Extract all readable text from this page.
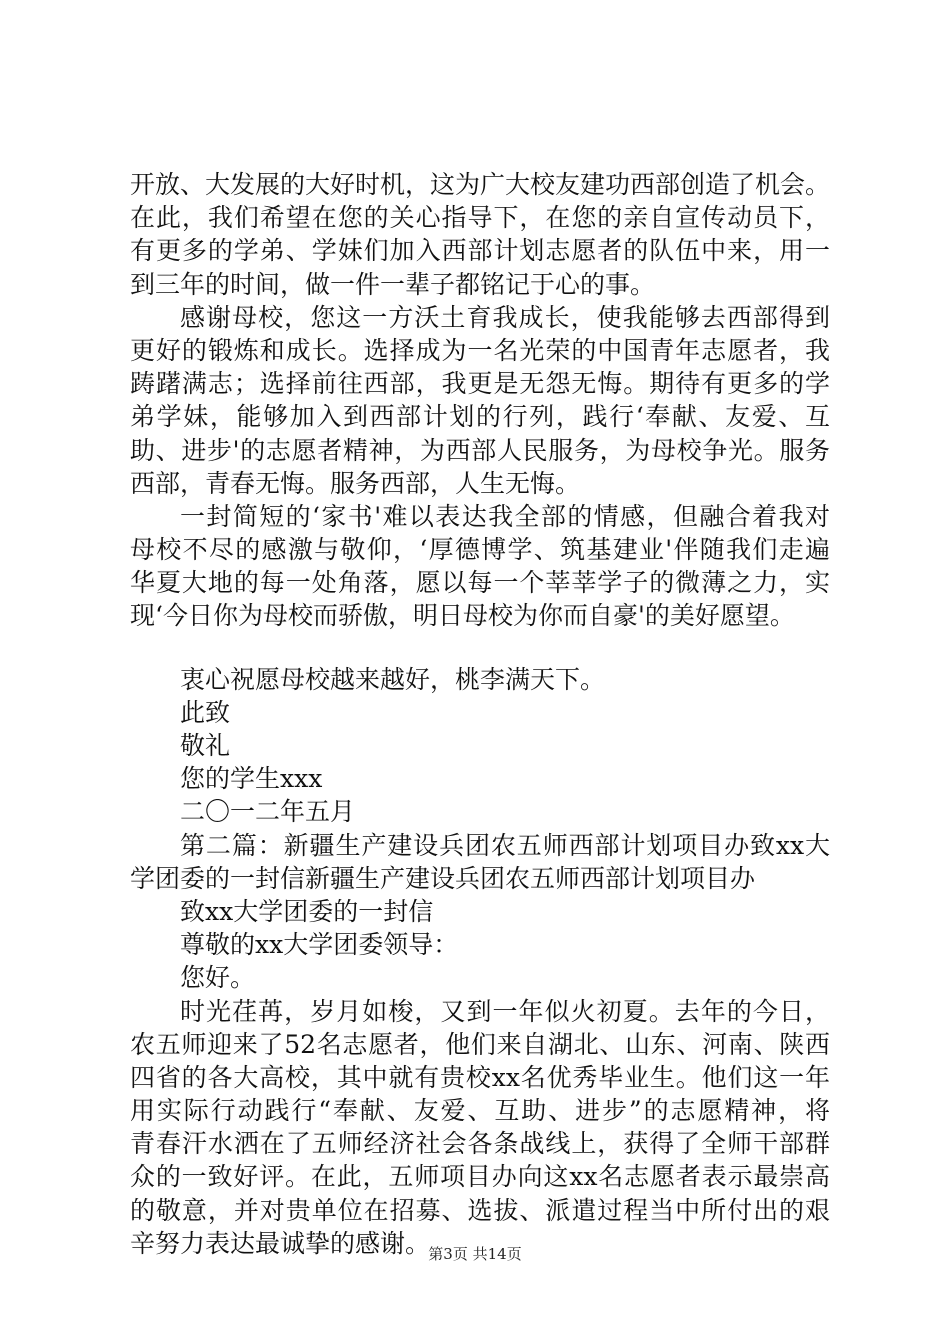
开放、大发展的大好时机，这为广大校友建功西部创造了机会。
在此，我们希望在您的关心指导下，在您的亲自宣传动员下，
有更多的学弟、学妹们加入西部计划志愿者的队伍中来，用一
到三年的时间，做一件一辈子都铭记于心的事。
感谢母校，您这一方沃土育我成长，使我能够去西部得到
更好的锻炼和成长。选择成为一名光荣的中国青年志愿者，我
踌躇满志；选择前往西部，我更是无怨无悔。期待有更多的学
弟学妹，能够加入到西部计划的行列，践行‘奉献、友爱、互
助、进步'的志愿者精神，为西部人民服务，为母校争光。服务
西部，青春无悔。服务西部，人生无悔。
一封简短的‘家书'难以表达我全部的情感，但融合着我对
母校不尽的感激与敬仰，‘厚德博学、筑基建业'伴随我们走遍
华夏大地的每一处角落，愿以每一个莘莘学子的微薄之力，实
现‘今日你为母校而骄傲，明日母校为你而自豪'的美好愿望。
衷心祝愿母校越来越好，桃李满天下。
此致
敬礼
您的学生xxx
二〇一二年五月
第二篇：新疆生产建设兵团农五师西部计划项目办致xx大
学团委的一封信新疆生产建设兵团农五师西部计划项目办
致xx大学团委的一封信
尊敬的xx大学团委领导：
您好。
时光荏苒，岁月如梭，又到一年似火初夏。去年的今日，
农五师迎来了52名志愿者，他们来自湖北、山东、河南、陕西
四省的各大高校，其中就有贵校xx名优秀毕业生。他们这一年
用实际行动践行“奉献、友爱、互助、进步”的志愿精神，将
青春汗水洒在了五师经济社会各条战线上，获得了全师干部群
众的一致好评。在此，五师项目办向这xx名志愿者表示最崇高
的敬意，并对贵单位在招募、选拔、派遣过程当中所付出的艰
辛努力表达最诚挚的感谢。
第3页 共14页
